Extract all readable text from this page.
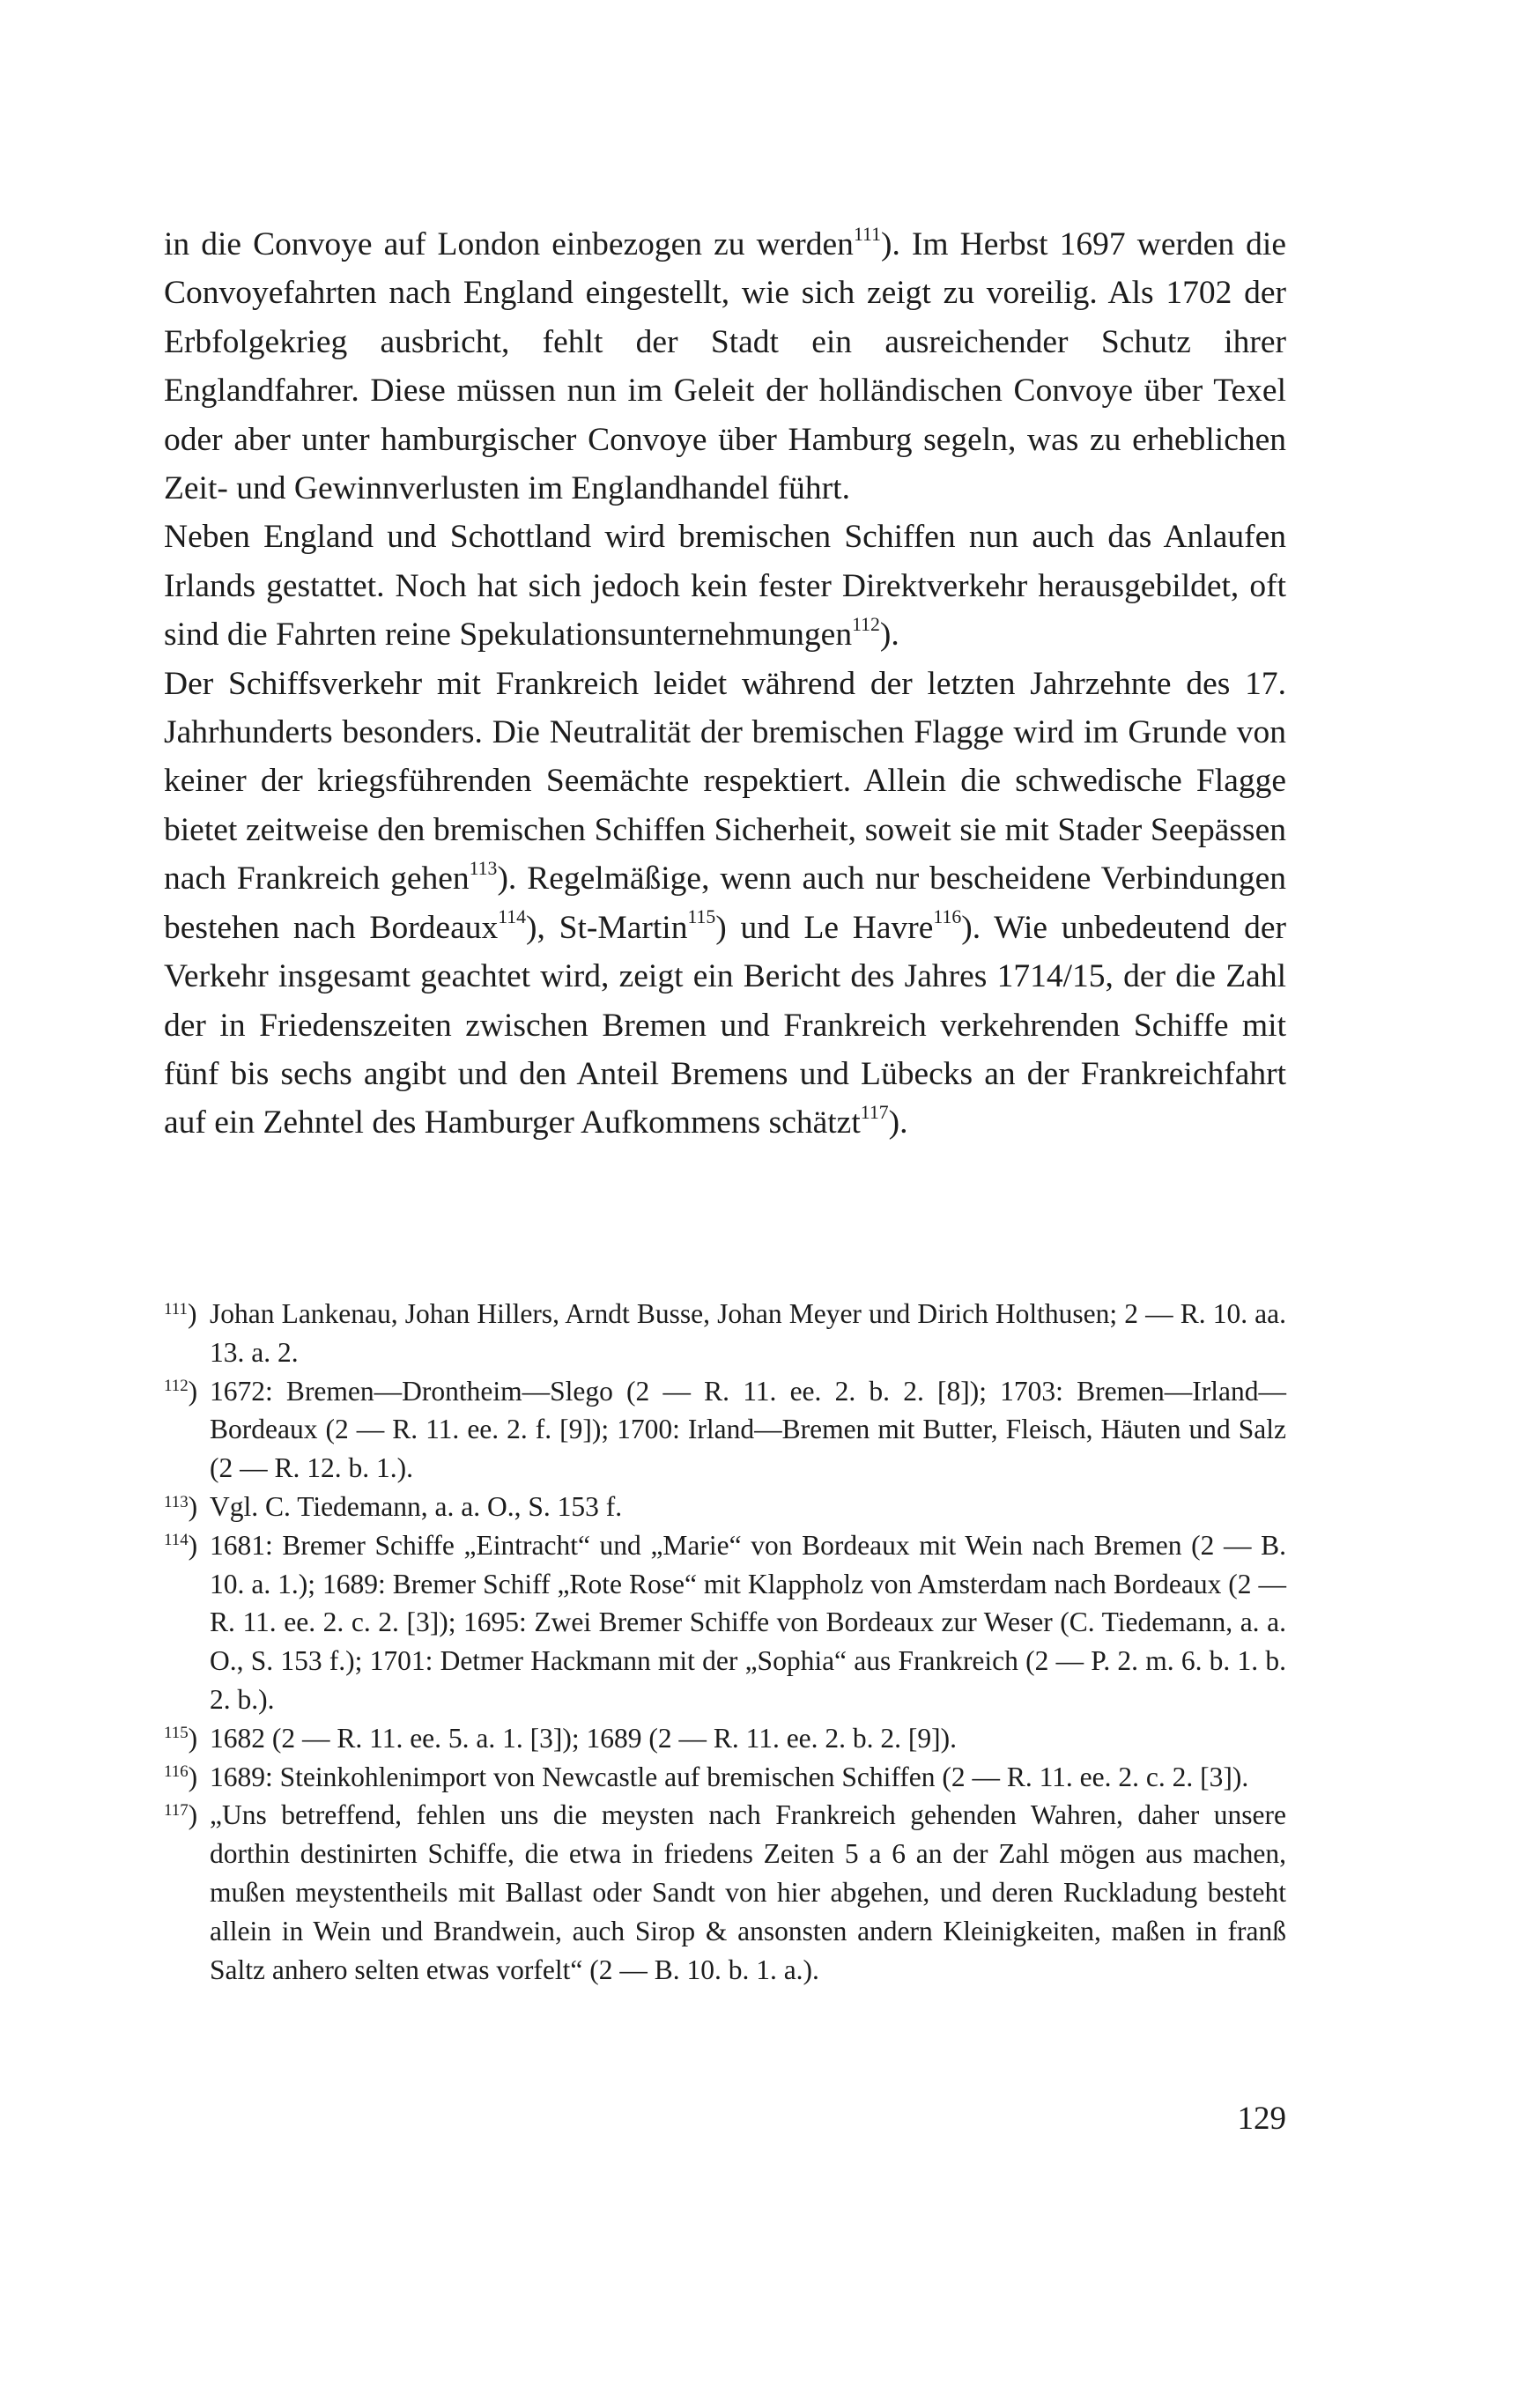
in die Convoye auf London einbezogen zu werden$^{111}$). Im Herbst 1697 werden die Convoyefahrten nach England eingestellt, wie sich zeigt zu voreilig. Als 1702 der Erbfolgekrieg ausbricht, fehlt der Stadt ein ausreichender Schutz ihrer Englandfahrer. Diese müssen nun im Geleit der holländischen Convoye über Texel oder aber unter hamburgischer Convoye über Hamburg segeln, was zu erheblichen Zeit- und Gewinnverlusten im Englandhandel führt.

Neben England und Schottland wird bremischen Schiffen nun auch das Anlaufen Irlands gestattet. Noch hat sich jedoch kein fester Direktverkehr herausgebildet, oft sind die Fahrten reine Spekulationsunternehmungen$^{112}$).

Der Schiffsverkehr mit Frankreich leidet während der letzten Jahrzehnte des 17. Jahrhunderts besonders. Die Neutralität der bremischen Flagge wird im Grunde von keiner der kriegsführenden Seemächte respektiert. Allein die schwedische Flagge bietet zeitweise den bremischen Schiffen Sicherheit, soweit sie mit Stader Seepässen nach Frankreich gehen$^{113}$). Regelmäßige, wenn auch nur bescheidene Verbindungen bestehen nach Bordeaux$^{114}$), St-Martin$^{115}$) und Le Havre$^{116}$). Wie unbedeutend der Verkehr insgesamt geachtet wird, zeigt ein Bericht des Jahres 1714/15, der die Zahl der in Friedenszeiten zwischen Bremen und Frankreich verkehrenden Schiffe mit fünf bis sechs angibt und den Anteil Bremens und Lübecks an der Frankreichfahrt auf ein Zehntel des Hamburger Aufkommens schätzt$^{117}$).

$^{111}$) Johan Lankenau, Johan Hillers, Arndt Busse, Johan Meyer und Dirich Holthusen; 2 — R. 10. aa. 13. a. 2.

$^{112}$) 1672: Bremen—Drontheim—Slego (2 — R. 11. ee. 2. b. 2. [8]); 1703: Bremen—Irland—Bordeaux (2 — R. 11. ee. 2. f. [9]); 1700: Irland—Bremen mit Butter, Fleisch, Häuten und Salz (2 — R. 12. b. 1.).

$^{113}$) Vgl. C. Tiedemann, a. a. O., S. 153 f.

$^{114}$) 1681: Bremer Schiffe „Eintracht“ und „Marie“ von Bordeaux mit Wein nach Bremen (2 — B. 10. a. 1.); 1689: Bremer Schiff „Rote Rose“ mit Klappholz von Amsterdam nach Bordeaux (2 — R. 11. ee. 2. c. 2. [3]); 1695: Zwei Bremer Schiffe von Bordeaux zur Weser (C. Tiedemann, a. a. O., S. 153 f.); 1701: Detmer Hackmann mit der „Sophia“ aus Frankreich (2 — P. 2. m. 6. b. 1. b. 2. b.).

$^{115}$) 1682 (2 — R. 11. ee. 5. a. 1. [3]); 1689 (2 — R. 11. ee. 2. b. 2. [9]).

$^{116}$) 1689: Steinkohlenimport von Newcastle auf bremischen Schiffen (2 — R. 11. ee. 2. c. 2. [3]).

$^{117}$) „Uns betreffend, fehlen uns die meysten nach Frankreich gehenden Wahren, daher unsere dorthin destinirten Schiffe, die etwa in friedens Zeiten 5 a 6 an der Zahl mögen aus machen, mußen meystentheils mit Ballast oder Sandt von hier abgehen, und deren Ruckladung besteht allein in Wein und Brandwein, auch Sirop & ansonsten andern Kleinigkeiten, maßen in franß Saltz anhero selten etwas vorfelt“ (2 — B. 10. b. 1. a.).

129
